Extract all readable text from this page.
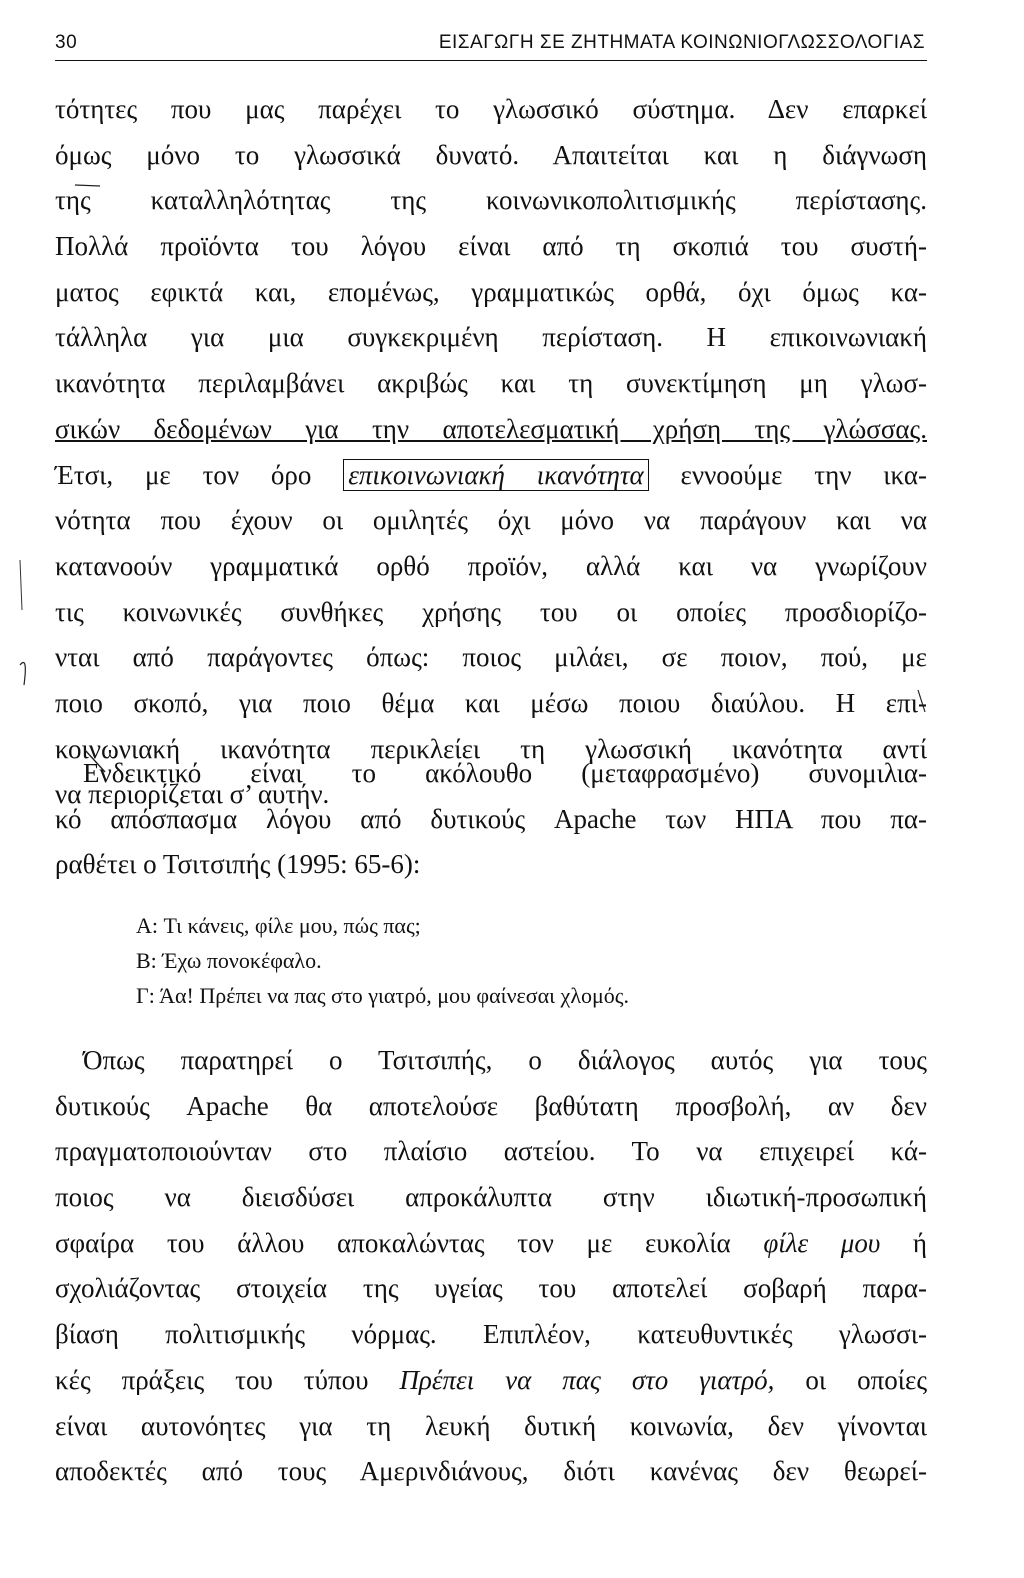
30	ΕΙΣΑΓΩΓΗ ΣΕ ΖΗΤΗΜΑΤΑ ΚΟΙΝΩΝΙΟΓΛΩΣΣΟΛΟΓΙΑΣ
τότητες που μας παρέχει το γλωσσικό σύστημα. Δεν επαρκεί
όμως μόνο το γλωσσικά δυνατό. Απαιτείται και η διάγνωση
της καταλληλότητας της κοινωνικοπολιτισμικής περίστασης.
Πολλά προϊόντα του λόγου είναι από τη σκοπιά του συστή-
ματος εφικτά και, επομένως, γραμματικώς ορθά, όχι όμως κα-
τάλληλα για μια συγκεκριμένη περίσταση. Η επικοινωνιακή
ικανότητα περιλαμβάνει ακριβώς και τη συνεκτίμηση μη γλωσ-
σικών δεδομένων για την αποτελεσματική χρήση της γλώσσας.
Έτσι, με τον όρο επικοινωνιακή ικανότητα εννοούμε την ικα-
νότητα που έχουν οι ομιλητές όχι μόνο να παράγουν και να
κατανοούν γραμματικά ορθό προϊόν, αλλά και να γνωρίζουν
τις κοινωνικές συνθήκες χρήσης του οι οποίες προσδιορίζο-
νται από παράγοντες όπως: ποιος μιλάει, σε ποιον, πού, με
ποιο σκοπό, για ποιο θέμα και μέσω ποιου διαύλου. Η επι-
κοινωνιακή ικανότητα περικλείει τη γλωσσική ικανότητα αντί
να περιορίζεται σ’ αυτήν.
Ενδεικτικό είναι το ακόλουθο (μεταφρασμένο) συνομιλια-
κό απόσπασμα λόγου από δυτικούς Apache των ΗΠΑ που πα-
ραθέτει ο Τσιτσιπής (1995: 65-6):
A: Τι κάνεις, φίλε μου, πώς πας;
B: Έχω πονοκέφαλο.
Γ: Άα! Πρέπει να πας στο γιατρό, μου φαίνεσαι χλομός.
Όπως παρατηρεί ο Τσιτσιπής, ο διάλογος αυτός για τους
δυτικούς Apache θα αποτελούσε βαθύτατη προσβολή, αν δεν
πραγματοποιούνταν στο πλαίσιο αστείου. Το να επιχειρεί κά-
ποιος να διεισδύσει απροκάλυπτα στην ιδιωτική-προσωπική
σφαίρα του άλλου αποκαλώντας τον με ευκολία φίλε μου ή
σχολιάζοντας στοιχεία της υγείας του αποτελεί σοβαρή παρα-
βίαση πολιτισμικής νόρμας. Επιπλέον, κατευθυντικές γλωσσι-
κές πράξεις του τύπου Πρέπει να πας στο γιατρό, οι οποίες
είναι αυτονόητες για τη λευκή δυτική κοινωνία, δεν γίνονται
αποδεκτές από τους Αμερινδιάνους, διότι κανένας δεν θεωρεί-
